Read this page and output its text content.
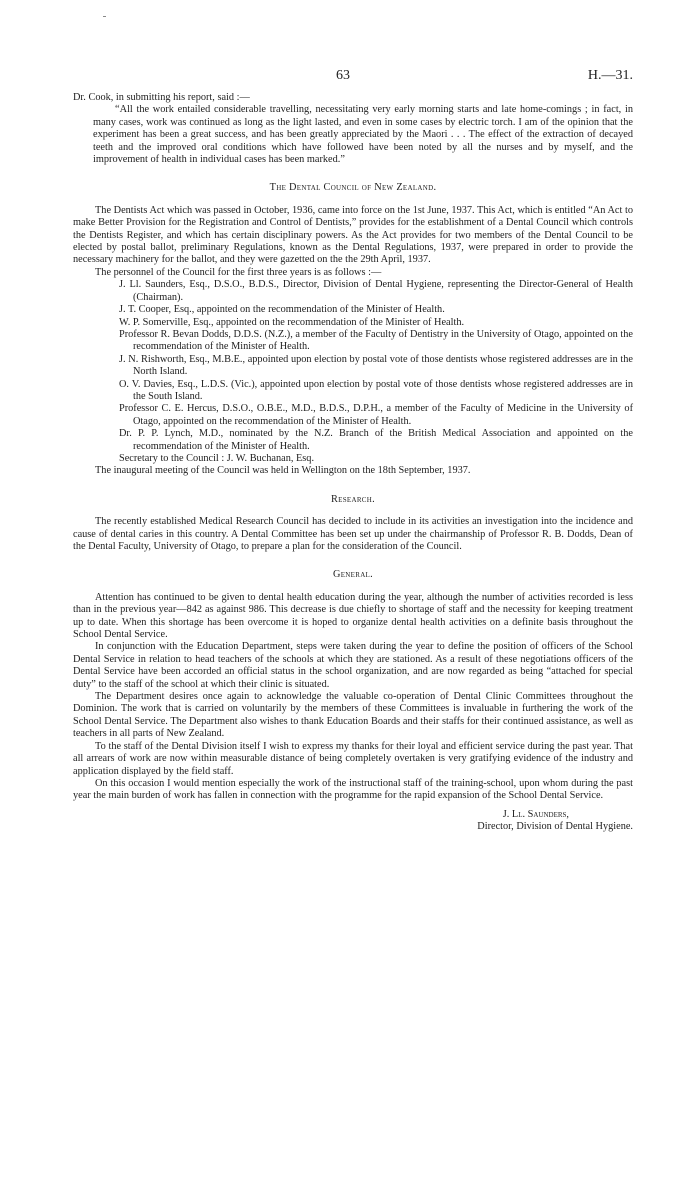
63	H.—31.

Dr. Cook, in submitting his report, said :—

“All the work entailed considerable travelling, necessitating very early morning starts and late home-comings ; in fact, in many cases, work was continued as long as the light lasted, and even in some cases by electric torch. I am of the opinion that the experiment has been a great success, and has been greatly appreciated by the Maori . . . The effect of the extraction of decayed teeth and the improved oral conditions which have followed have been noted by all the nurses and by myself, and the improvement of health in individual cases has been marked.”

The Dental Council of New Zealand.

The Dentists Act which was passed in October, 1936, came into force on the 1st June, 1937. This Act, which is entitled “An Act to make Better Provision for the Registration and Control of Dentists,” provides for the establishment of a Dental Council which controls the Dentists Register, and which has certain disciplinary powers. As the Act provides for two members of the Dental Council to be elected by postal ballot, preliminary Regulations, known as the Dental Regulations, 1937, were prepared in order to provide the necessary machinery for the ballot, and they were gazetted on the the 29th April, 1937.

The personnel of the Council for the first three years is as follows :—

J. Ll. Saunders, Esq., D.S.O., B.D.S., Director, Division of Dental Hygiene, representing the Director-General of Health (Chairman).
J. T. Cooper, Esq., appointed on the recommendation of the Minister of Health.
W. P. Somerville, Esq., appointed on the recommendation of the Minister of Health.
Professor R. Bevan Dodds, D.D.S. (N.Z.), a member of the Faculty of Dentistry in the University of Otago, appointed on the recommendation of the Minister of Health.
J. N. Rishworth, Esq., M.B.E., appointed upon election by postal vote of those dentists whose registered addresses are in the North Island.
O. V. Davies, Esq., L.D.S. (Vic.), appointed upon election by postal vote of those dentists whose registered addresses are in the South Island.
Professor C. E. Hercus, D.S.O., O.B.E., M.D., B.D.S., D.P.H., a member of the Faculty of Medicine in the University of Otago, appointed on the recommendation of the Minister of Health.
Dr. P. P. Lynch, M.D., nominated by the N.Z. Branch of the British Medical Association and appointed on the recommendation of the Minister of Health.
Secretary to the Council : J. W. Buchanan, Esq.

The inaugural meeting of the Council was held in Wellington on the 18th September, 1937.

Research.

The recently established Medical Research Council has decided to include in its activities an investigation into the incidence and cause of dental caries in this country. A Dental Committee has been set up under the chairmanship of Professor R. B. Dodds, Dean of the Dental Faculty, University of Otago, to prepare a plan for the consideration of the Council.

General.

Attention has continued to be given to dental health education during the year, although the number of activities recorded is less than in the previous year—842 as against 986. This decrease is due chiefly to shortage of staff and the necessity for keeping treatment up to date. When this shortage has been overcome it is hoped to organize dental health activities on a definite basis throughout the School Dental Service.

In conjunction with the Education Department, steps were taken during the year to define the position of officers of the School Dental Service in relation to head teachers of the schools at which they are stationed. As a result of these negotiations officers of the Dental Service have been accorded an official status in the school organization, and are now regarded as being “attached for special duty” to the staff of the school at which their clinic is situated.

The Department desires once again to acknowledge the valuable co-operation of Dental Clinic Committees throughout the Dominion. The work that is carried on voluntarily by the members of these Committees is invaluable in furthering the work of the School Dental Service. The Department also wishes to thank Education Boards and their staffs for their continued assistance, as well as teachers in all parts of New Zealand.

To the staff of the Dental Division itself I wish to express my thanks for their loyal and efficient service during the past year. That all arrears of work are now within measurable distance of being completely overtaken is very gratifying evidence of the industry and application displayed by the field staff.

On this occasion I would mention especially the work of the instructional staff of the training-school, upon whom during the past year the main burden of work has fallen in connection with the programme for the rapid expansion of the School Dental Service.

J. Ll. Saunders,
Director, Division of Dental Hygiene.
